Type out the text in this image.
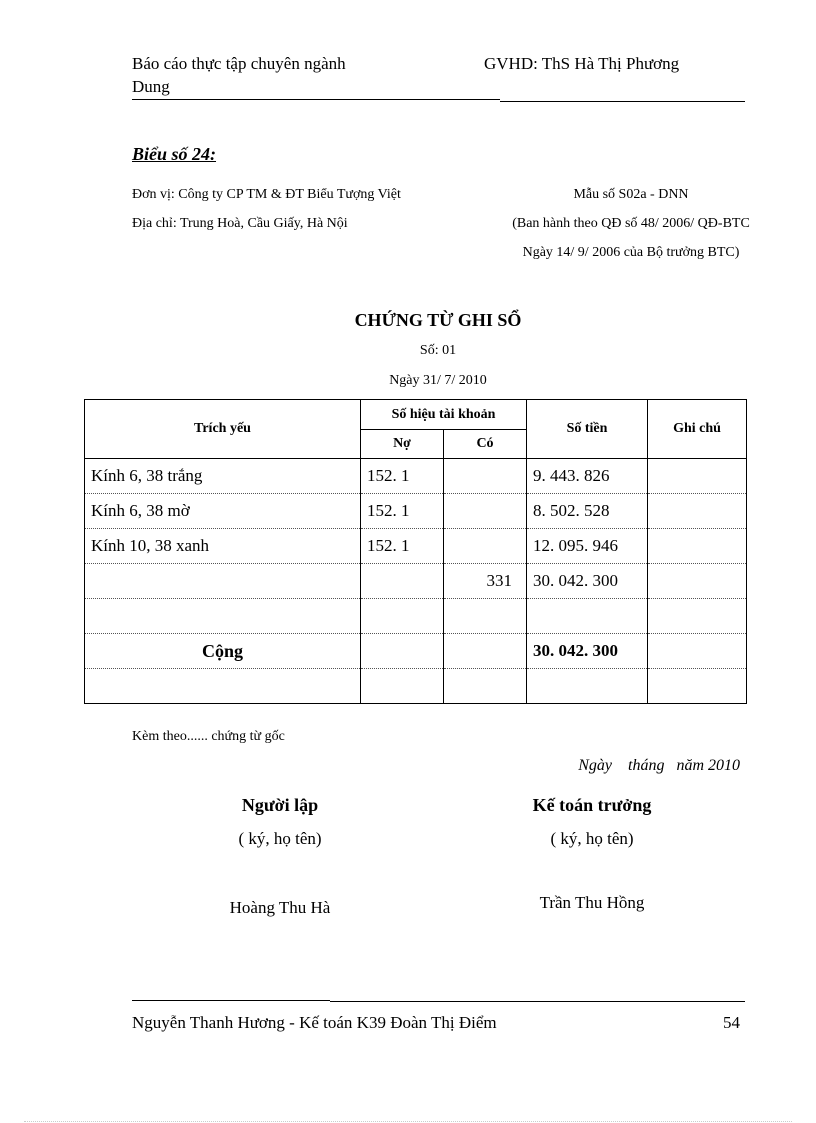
Báo cáo thực tập chuyên ngành
Dung
GVHD: ThS Hà Thị Phương
Biểu số 24:
Đơn vị: Công ty CP TM & ĐT Biểu Tượng Việt
Địa chỉ: Trung Hoà, Cầu Giấy, Hà Nội
Mẫu số S02a - DNN
(Ban hành theo QĐ số 48/ 2006/ QĐ-BTC
Ngày 14/ 9/ 2006 của Bộ trưởng BTC)
CHỨNG TỪ GHI SỔ
Số: 01
Ngày 31/ 7/ 2010
Trích yếu	Số hiệu tài khoản		Số tiền	Ghi chú
	Nợ	Có		
Kính 6, 38 trắng	152. 1		9. 443. 826	
Kính 6, 38 mờ	152. 1		8. 502. 528	
Kính 10, 38 xanh	152. 1		12. 095. 946	
		331	30. 042. 300	

Cộng			30. 042. 300	

Kèm theo...... chứng từ gốc
Ngày    tháng   năm 2010
Người lập
( ký, họ tên)
Hoàng Thu Hà
Kế toán trưởng
( ký, họ tên)
Trần Thu Hồng
Nguyễn Thanh Hương - Kế toán K39 Đoàn Thị Điểm	54
